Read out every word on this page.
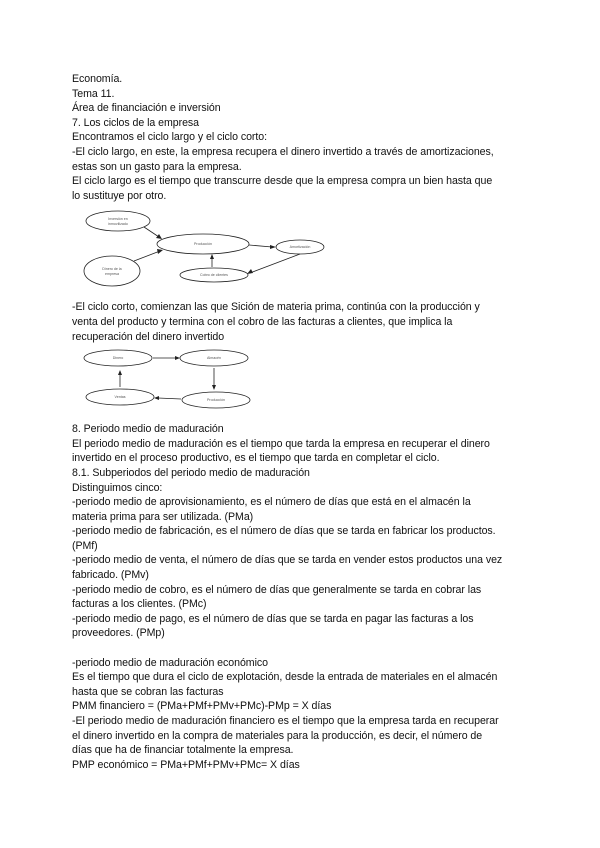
Economía.
Tema 11.
Área de financiación e inversión
7. Los ciclos de la empresa
Encontramos el ciclo largo y el ciclo corto:
-El ciclo largo, en este, la empresa recupera el dinero invertido a través de amortizaciones,
estas son un gasto para la empresa.
El ciclo largo es el tiempo que transcurre desde que la empresa compra un bien hasta que
lo sustituye por otro.
Inversión en
inmovilizado
Producción
Amortización
Dinero de la
empresa	Cobro de clientes
-El ciclo corto, comienzan las que Sición de materia prima, continúa con la producción y
venta del producto y termina con el cobro de las facturas a clientes, que implica la
recuperación del dinero invertido
Dinero	Almacén
Producción
Ventas
8. Periodo medio de maduración
El periodo medio de maduración es el tiempo que tarda la empresa en recuperar el dinero
invertido en el proceso productivo, es el tiempo que tarda en completar el ciclo.
8.1. Subperiodos del periodo medio de maduración
Distinguimos cinco:
-periodo medio de aprovisionamiento, es el número de días que está en el almacén la
materia prima para ser utilizada. (PMa)
-periodo medio de fabricación, es el número de días que se tarda en fabricar los productos.
(PMf)
-periodo medio de venta, el número de días que se tarda en vender estos productos una vez
fabricado. (PMv)
-periodo medio de cobro, es el número de días que generalmente se tarda en cobrar las
facturas a los clientes. (PMc)
-periodo medio de pago, es el número de días que se tarda en pagar las facturas a los
proveedores. (PMp)
-periodo medio de maduración económico
Es el tiempo que dura el ciclo de explotación, desde la entrada de materiales en el almacén
hasta que se cobran las facturas
PMM financiero = (PMa+PMf+PMv+PMc)-PMp = X días
-El periodo medio de maduración financiero es el tiempo que la empresa tarda en recuperar
el dinero invertido en la compra de materiales para la producción, es decir, el número de
días que ha de financiar totalmente la empresa.
PMP económico = PMa+PMf+PMv+PMc= X días
